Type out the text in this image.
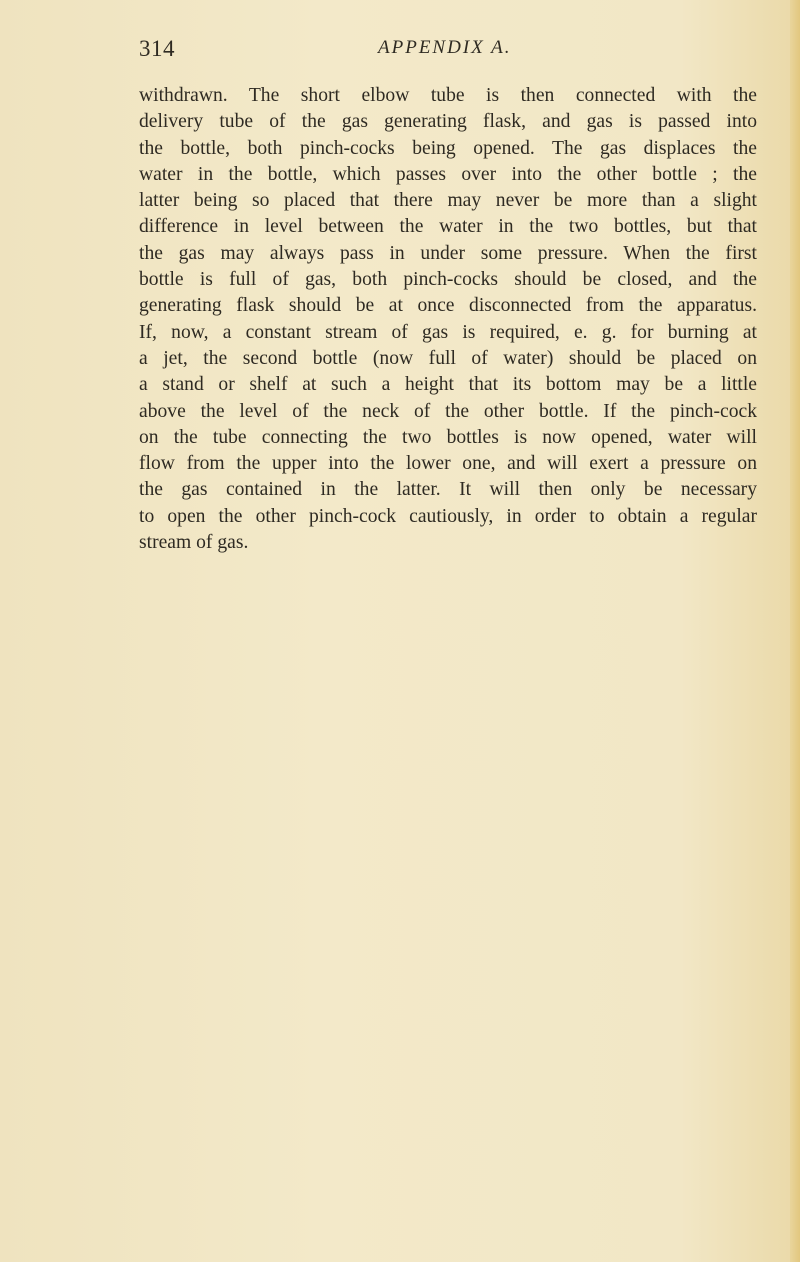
314	APPENDIX A.
withdrawn. The short elbow tube is then connected with the
delivery tube of the gas generating flask, and gas is passed into
the bottle, both pinch-cocks being opened. The gas displaces the
water in the bottle, which passes over into the other bottle ; the
latter being so placed that there may never be more than a slight
difference in level between the water in the two bottles, but that
the gas may always pass in under some pressure. When the first
bottle is full of gas, both pinch-cocks should be closed, and the
generating flask should be at once disconnected from the apparatus.
If, now, a constant stream of gas is required, e. g. for burning at
a jet, the second bottle (now full of water) should be placed on
a stand or shelf at such a height that its bottom may be a little
above the level of the neck of the other bottle. If the pinch-cock
on the tube connecting the two bottles is now opened, water will
flow from the upper into the lower one, and will exert a pressure on
the gas contained in the latter. It will then only be necessary
to open the other pinch-cock cautiously, in order to obtain a regular
stream of gas.
